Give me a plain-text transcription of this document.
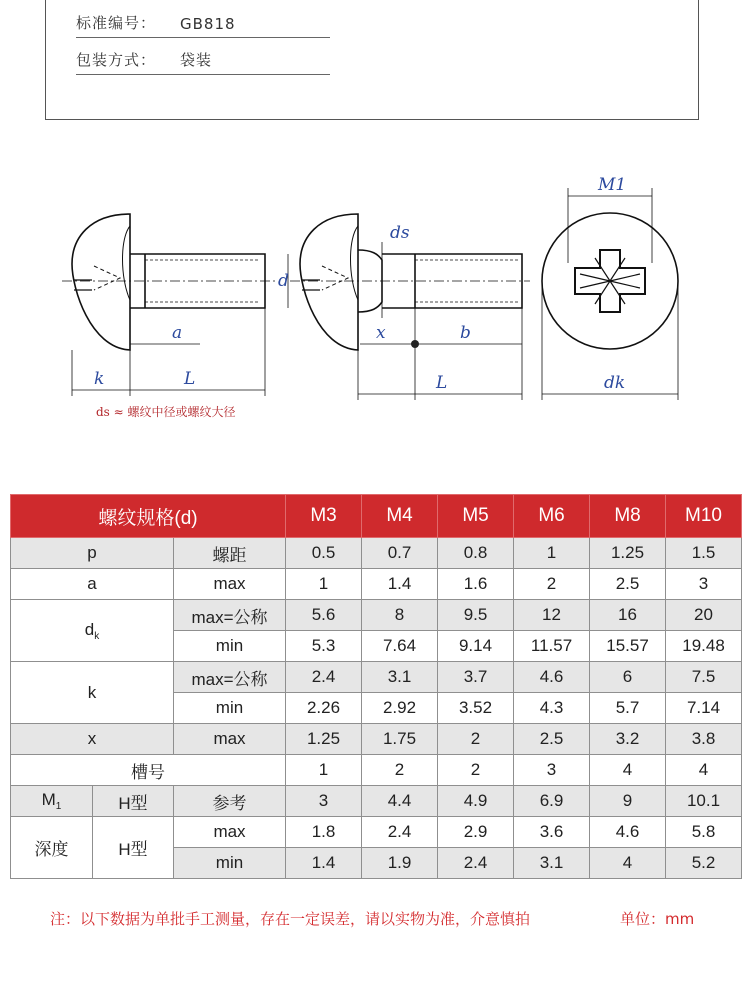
标准编号： GB818
包装方式： 袋装
a
k	L
d
ds
x	b
L
M1
dk
ds ≈ 螺纹中径或螺纹大径
螺纹规格(d)			M3	M4	M5	M6	M8	M10
p		螺距	0.5	0.7	0.8	1	1.25	1.5
a		max	1	1.4	1.6	2	2.5	3
$d_k$		max=公称	5.6	8	9.5	12	16	20
		min	5.3	7.64	9.14	11.57	15.57	19.48
k		max=公称	2.4	3.1	3.7	4.6	6	7.5
		min	2.26	2.92	3.52	4.3	5.7	7.14
x		max	1.25	1.75	2	2.5	3.2	3.8
槽号			1	2	2	3	4	4
$M_1$	H型	参考	3	4.4	4.9	6.9	9	10.1
深度	H型	max	1.8	2.4	2.9	3.6	4.6	5.8
		min	1.4	1.9	2.4	3.1	4	5.2
注：以下数据为单批手工测量，存在一定误差，请以实物为准，介意慎拍	单位：mm
